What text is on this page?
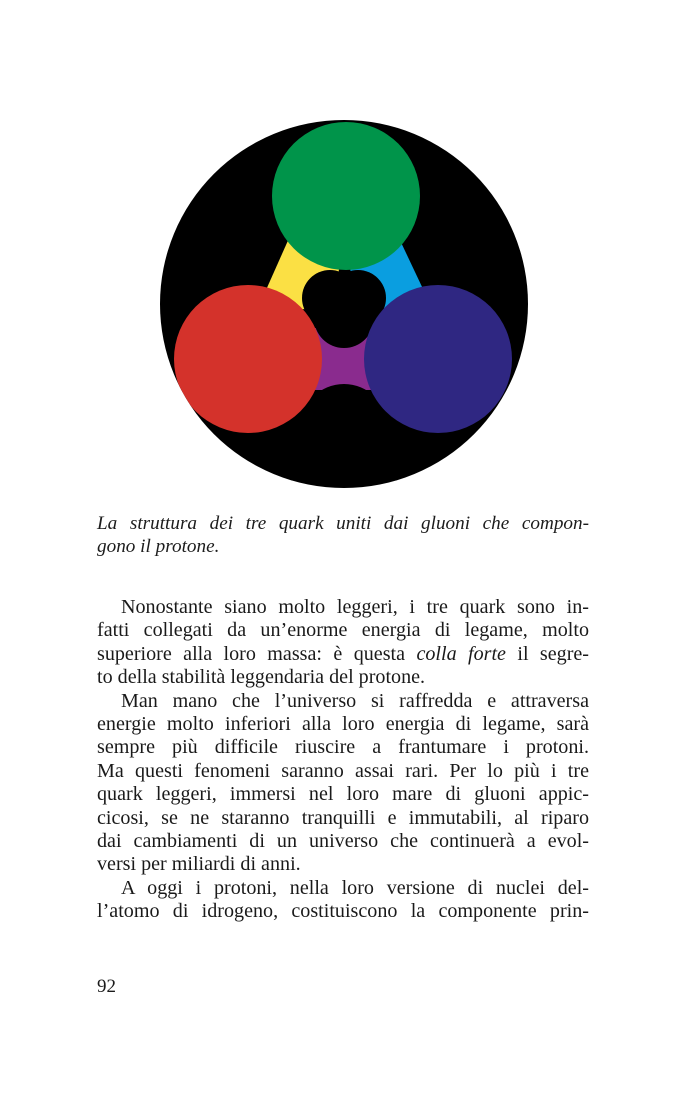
La struttura dei tre quark uniti dai gluoni che compon-
gono il protone.
Nonostante siano molto leggeri, i tre quark sono in-
fatti collegati da un’enorme energia di legame, molto
superiore alla loro massa: è questa colla forte il segre-
to della stabilità leggendaria del protone.
Man mano che l’universo si raffredda e attraversa
energie molto inferiori alla loro energia di legame, sarà
sempre più difficile riuscire a frantumare i protoni.
Ma questi fenomeni saranno assai rari. Per lo più i tre
quark leggeri, immersi nel loro mare di gluoni appic-
cicosi, se ne staranno tranquilli e immutabili, al riparo
dai cambiamenti di un universo che continuerà a evol-
versi per miliardi di anni.
A oggi i protoni, nella loro versione di nuclei del-
l’atomo di idrogeno, costituiscono la componente prin-
92
